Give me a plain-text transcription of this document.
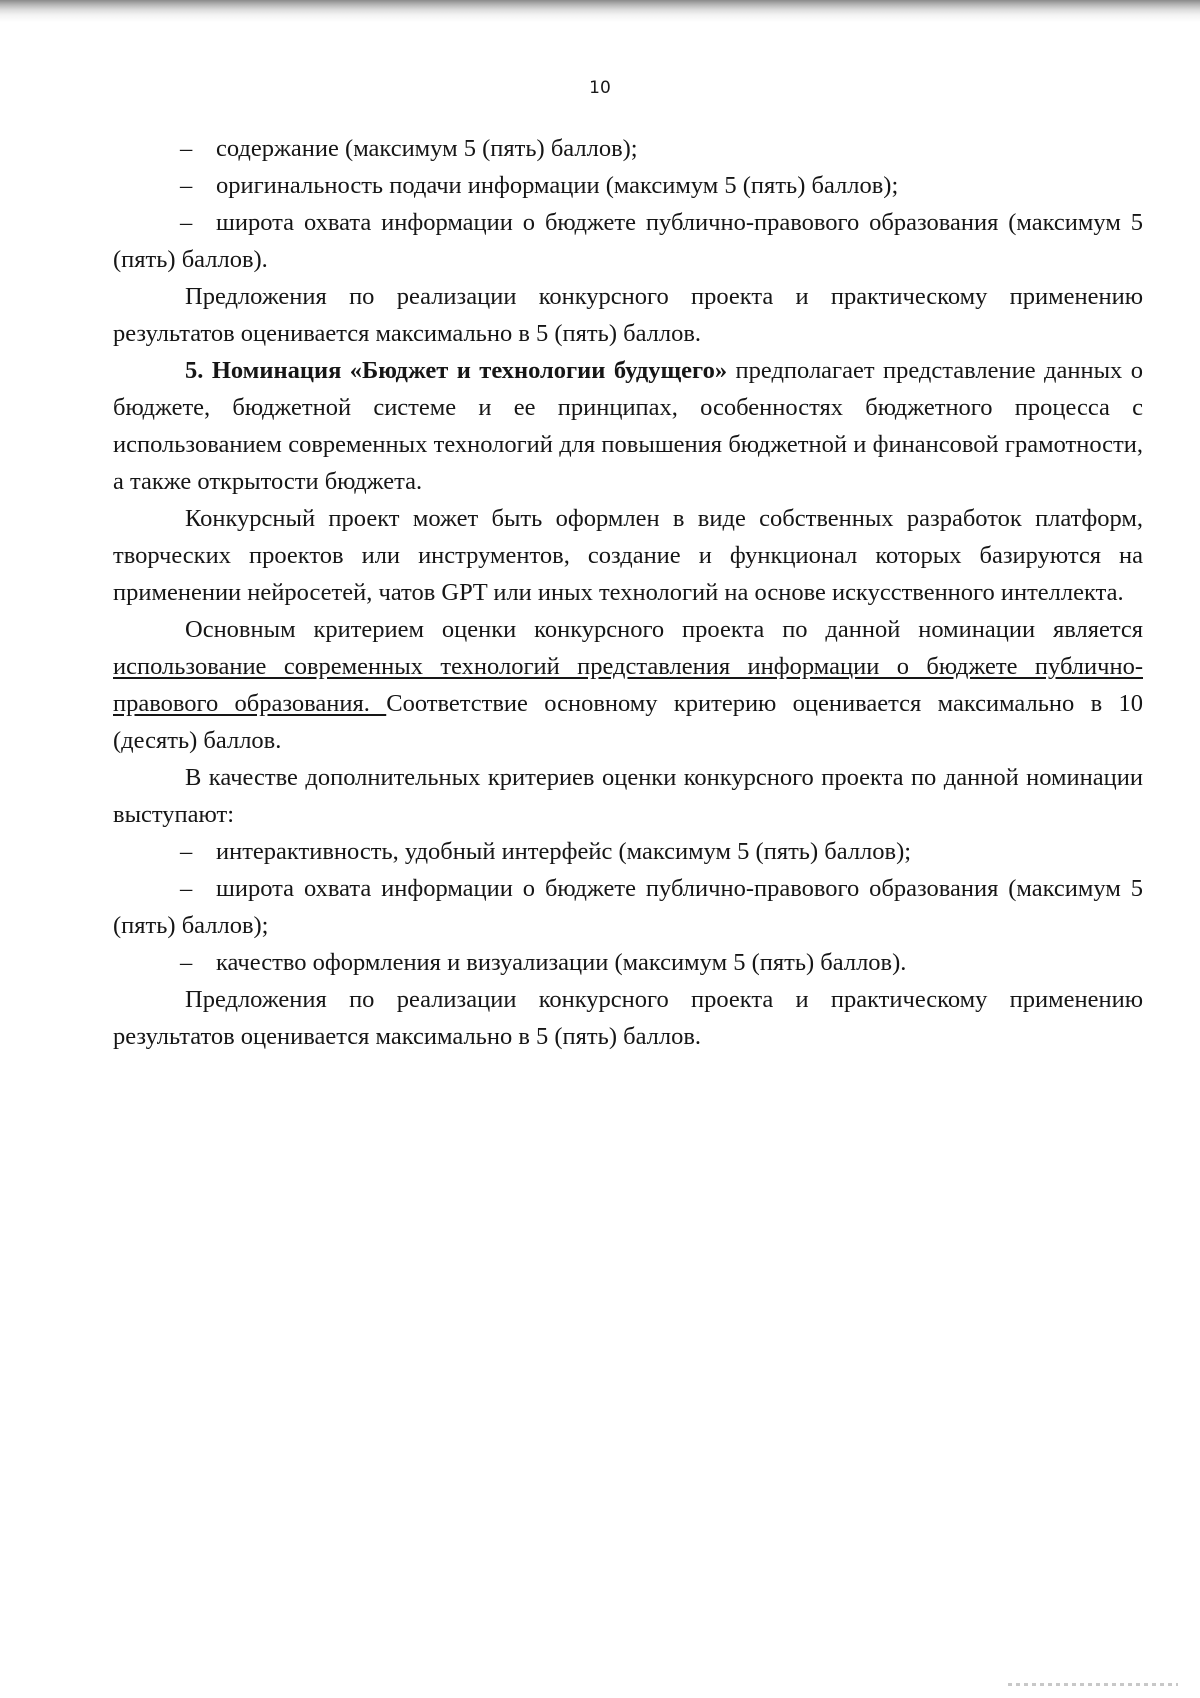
10

– содержание (максимум 5 (пять) баллов);

– оригинальность подачи информации (максимум 5 (пять) баллов);

– широта охвата информации о бюджете публично-правового образования (максимум 5 (пять) баллов).

Предложения по реализации конкурсного проекта и практическому применению результатов оценивается максимально в 5 (пять) баллов.

5. Номинация «Бюджет и технологии будущего» предполагает представление данных о бюджете, бюджетной системе и ее принципах, особенностях бюджетного процесса с использованием современных технологий для повышения бюджетной и финансовой грамотности, а также открытости бюджета.

Конкурсный проект может быть оформлен в виде собственных разработок платформ, творческих проектов или инструментов, создание и функционал которых базируются на применении нейросетей, чатов GPT или иных технологий на основе искусственного интеллекта.

Основным критерием оценки конкурсного проекта по данной номинации является использование современных технологий представления информации о бюджете публично-правового образования. Соответствие основному критерию оценивается максимально в 10 (десять) баллов.

В качестве дополнительных критериев оценки конкурсного проекта по данной номинации выступают:

– интерактивность, удобный интерфейс (максимум 5 (пять) баллов);

– широта охвата информации о бюджете публично-правового образования (максимум 5 (пять) баллов);

– качество оформления и визуализации (максимум 5 (пять) баллов).

Предложения по реализации конкурсного проекта и практическому применению результатов оценивается максимально в 5 (пять) баллов.
